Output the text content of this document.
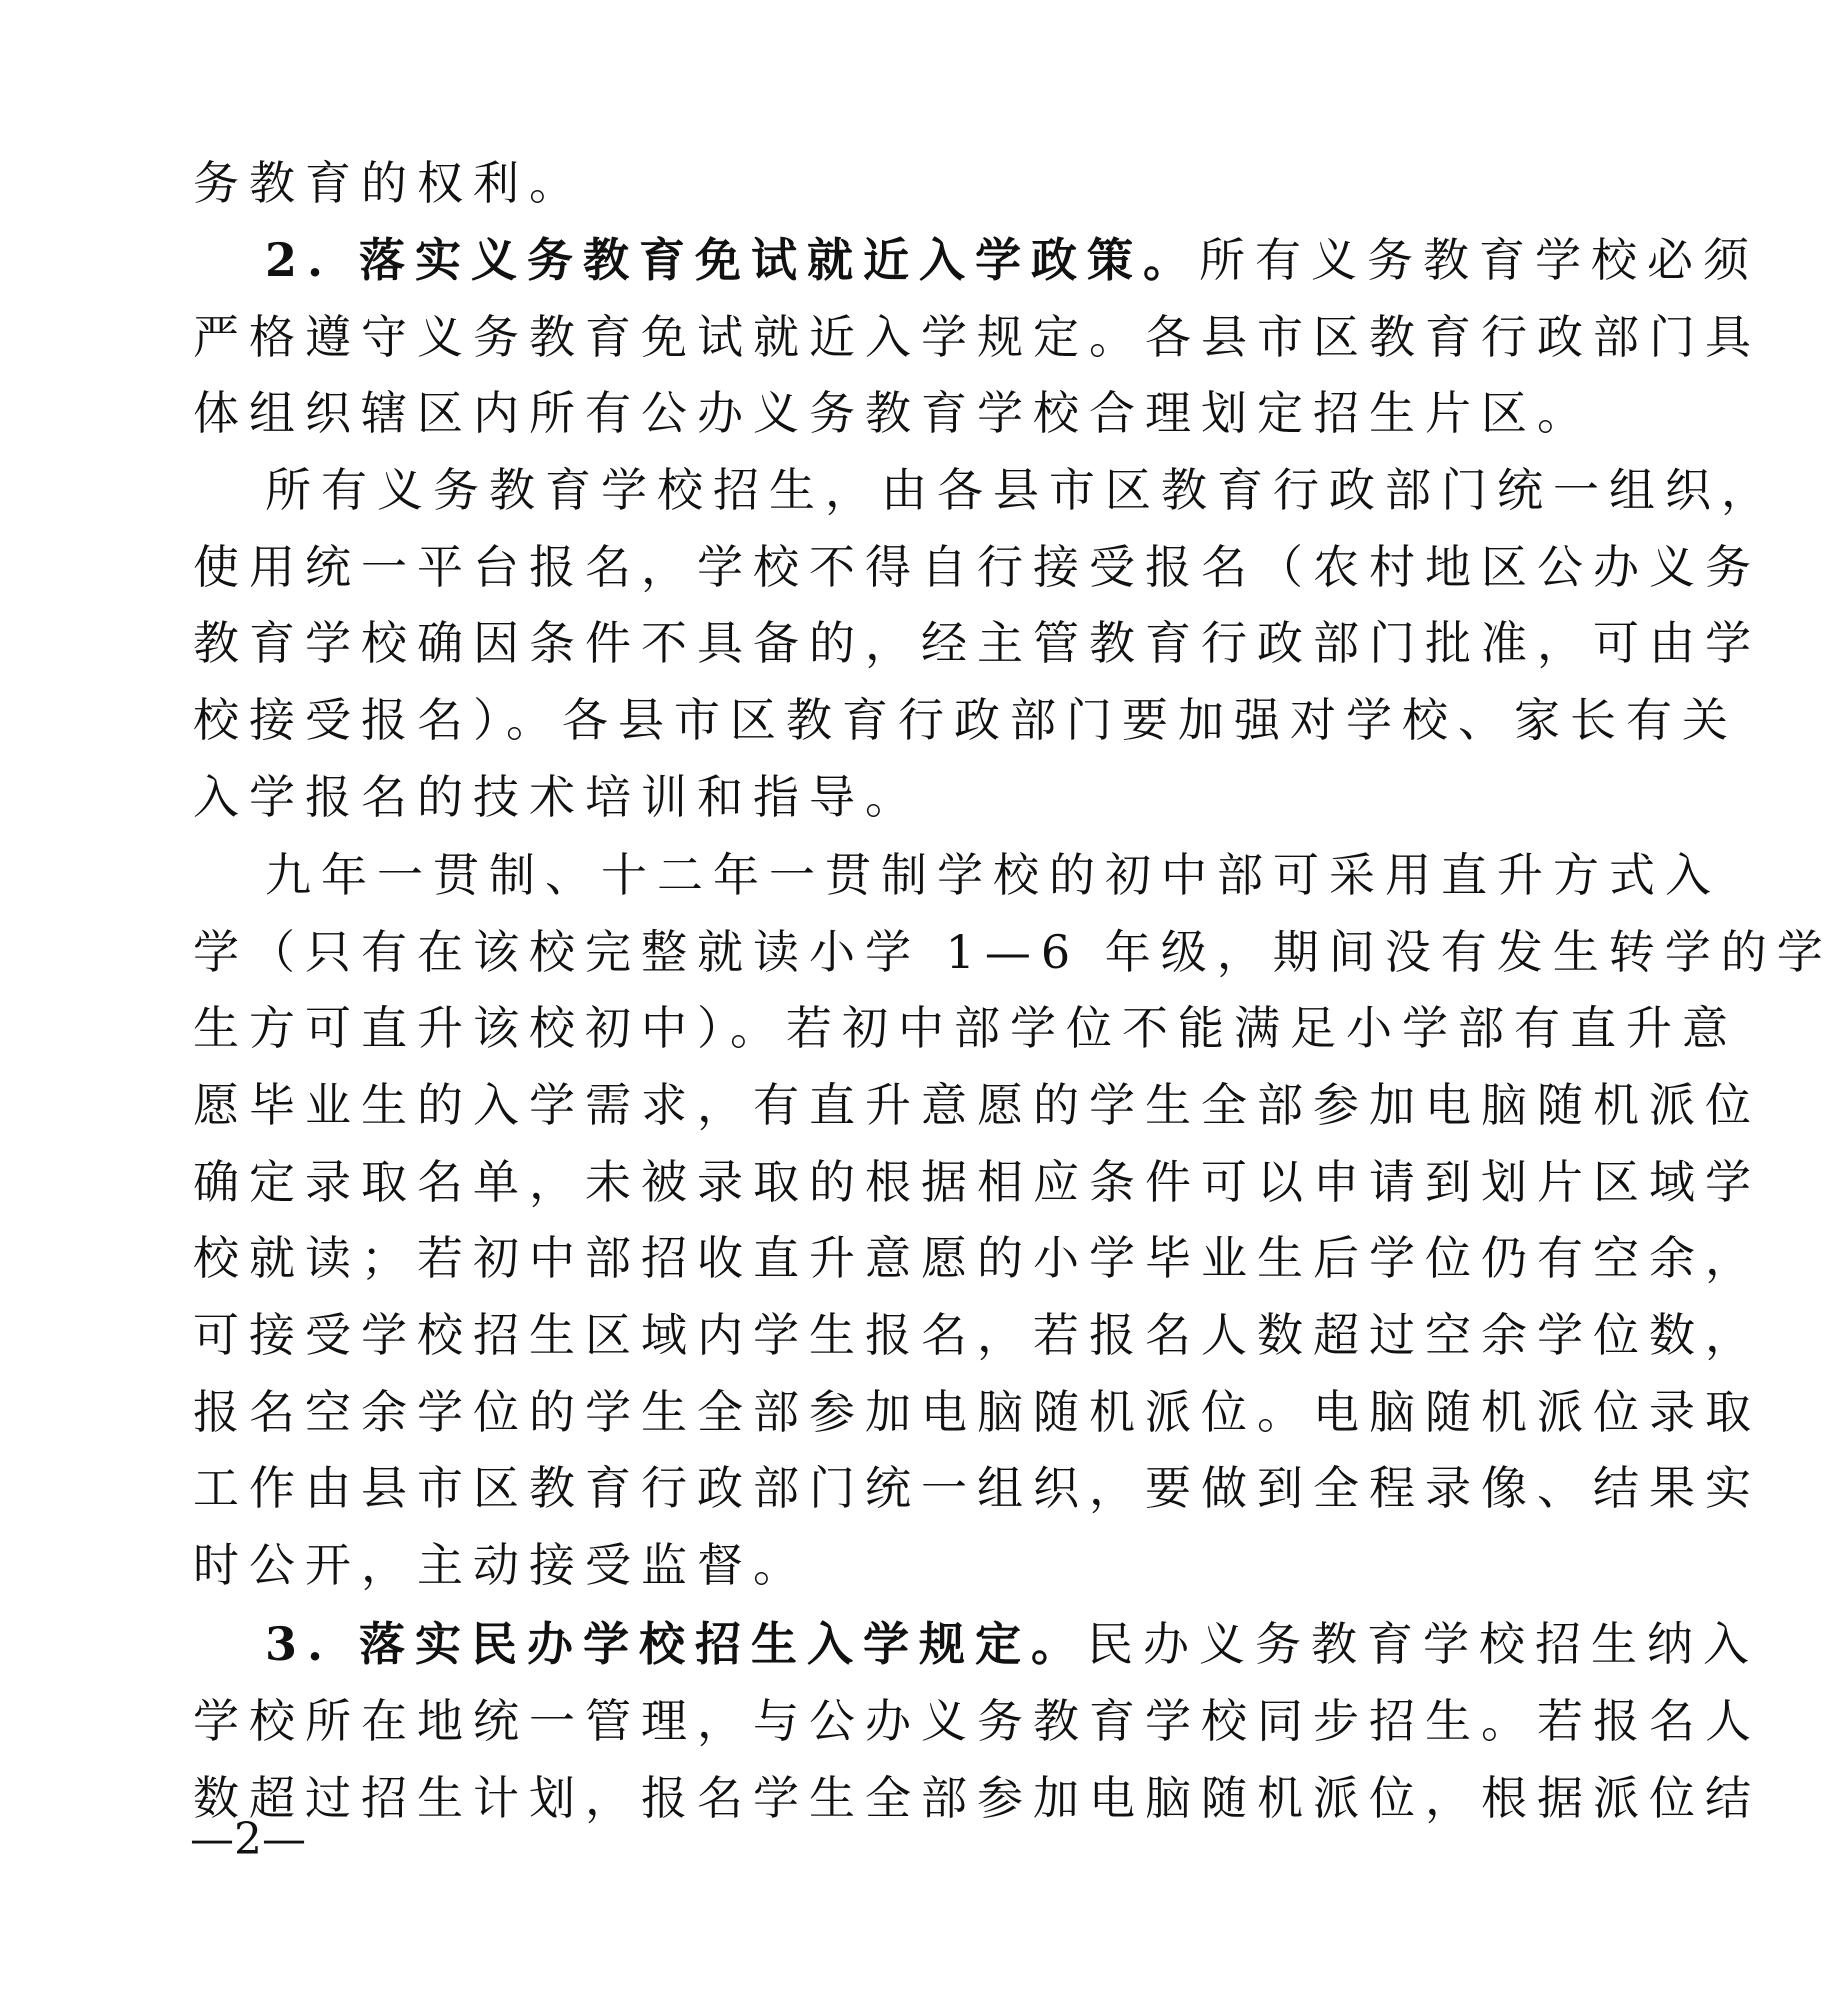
务教育的权利。
2. 落实义务教育免试就近入学政策。所有义务教育学校必须
严格遵守义务教育免试就近入学规定。各县市区教育行政部门具
体组织辖区内所有公办义务教育学校合理划定招生片区。
所有义务教育学校招生，由各县市区教育行政部门统一组织，
使用统一平台报名，学校不得自行接受报名（农村地区公办义务
教育学校确因条件不具备的，经主管教育行政部门批准，可由学
校接受报名）。各县市区教育行政部门要加强对学校、家长有关
入学报名的技术培训和指导。
九年一贯制、十二年一贯制学校的初中部可采用直升方式入
学（只有在该校完整就读小学 1—6 年级，期间没有发生转学的学
生方可直升该校初中）。若初中部学位不能满足小学部有直升意
愿毕业生的入学需求，有直升意愿的学生全部参加电脑随机派位
确定录取名单，未被录取的根据相应条件可以申请到划片区域学
校就读；若初中部招收直升意愿的小学毕业生后学位仍有空余，
可接受学校招生区域内学生报名，若报名人数超过空余学位数，
报名空余学位的学生全部参加电脑随机派位。电脑随机派位录取
工作由县市区教育行政部门统一组织，要做到全程录像、结果实
时公开，主动接受监督。
3. 落实民办学校招生入学规定。民办义务教育学校招生纳入
学校所在地统一管理，与公办义务教育学校同步招生。若报名人
数超过招生计划，报名学生全部参加电脑随机派位，根据派位结
—2—
